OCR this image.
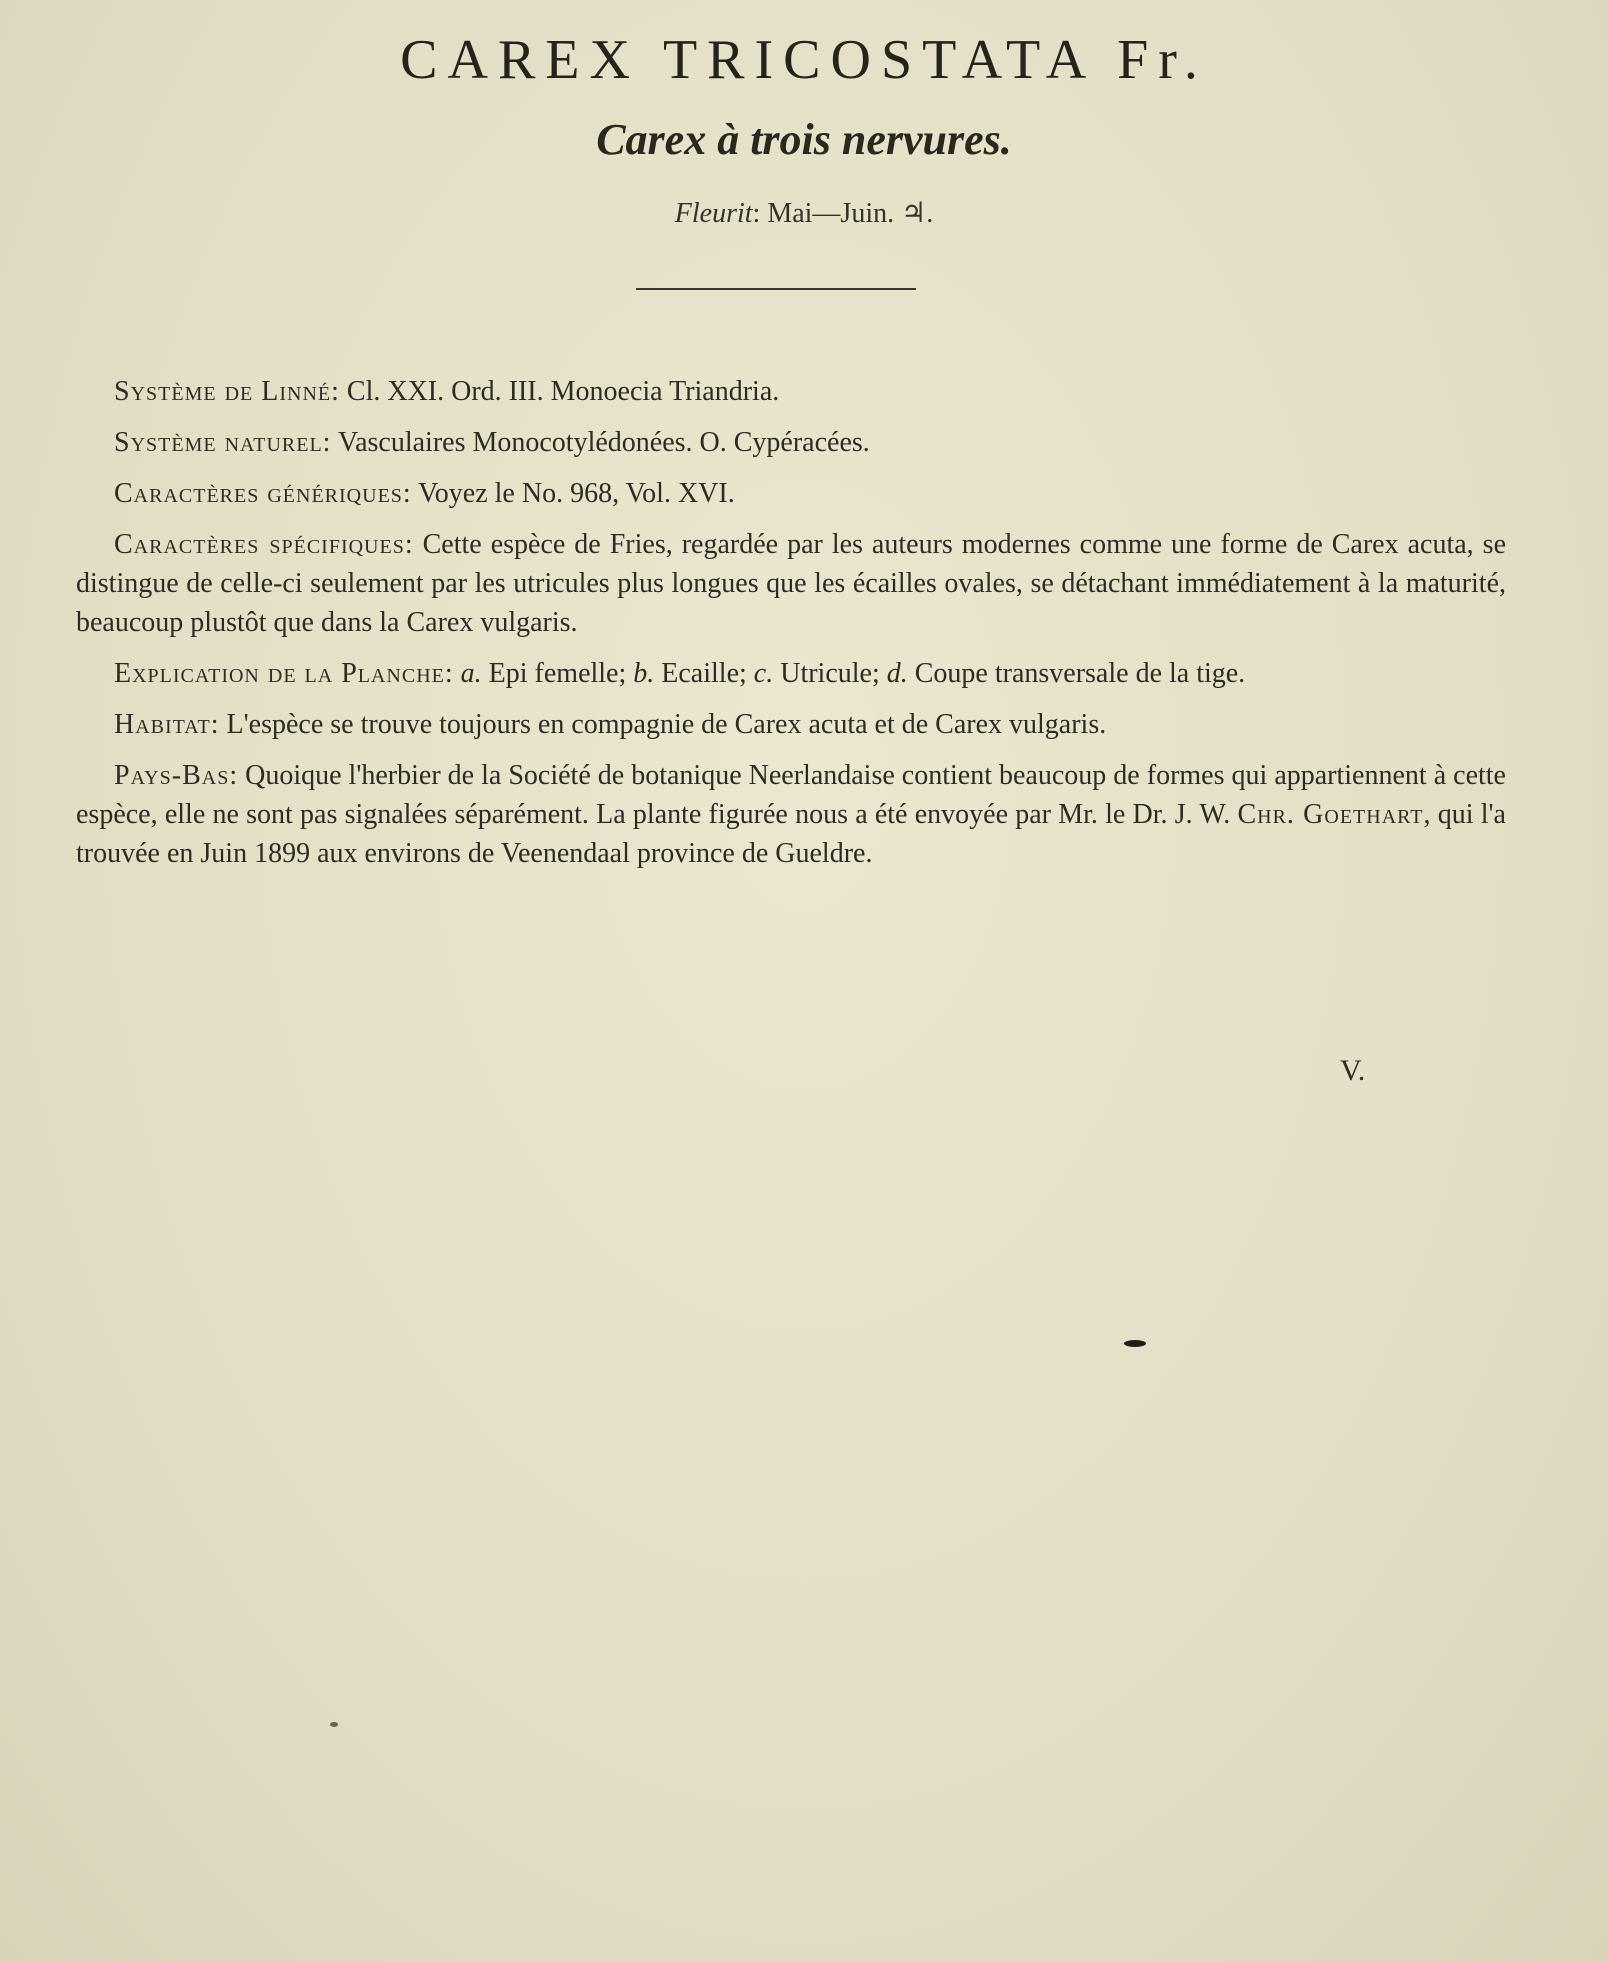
CAREX TRICOSTATA Fr.
Carex à trois nervures.
Fleurit: Mai—Juin. ♃.

Système de Linné: Cl. XXI. Ord. III. Monoecia Triandria.

Système naturel: Vasculaires Monocotylédonées. O. Cypéracées.

Caractères génériques: Voyez le No. 968, Vol. XVI.

Caractères spécifiques: Cette espèce de Fries, regardée par les auteurs modernes comme une forme de Carex acuta, se distingue de celle-ci seulement par les utricules plus longues que les écailles ovales, se détachant immédiatement à la maturité, beaucoup plustôt que dans la Carex vulgaris.

Explication de la Planche: a. Epi femelle; b. Ecaille; c. Utricule; d. Coupe transversale de la tige.

Habitat: L'espèce se trouve toujours en compagnie de Carex acuta et de Carex vulgaris.

Pays-Bas: Quoique l'herbier de la Société de botanique Neerlandaise contient beaucoup de formes qui appartiennent à cette espèce, elle ne sont pas signalées séparément. La plante figurée nous a été envoyée par Mr. le Dr. J. W. Chr. Goethart, qui l'a trouvée en Juin 1899 aux environs de Veenendaal province de Gueldre.

V.
